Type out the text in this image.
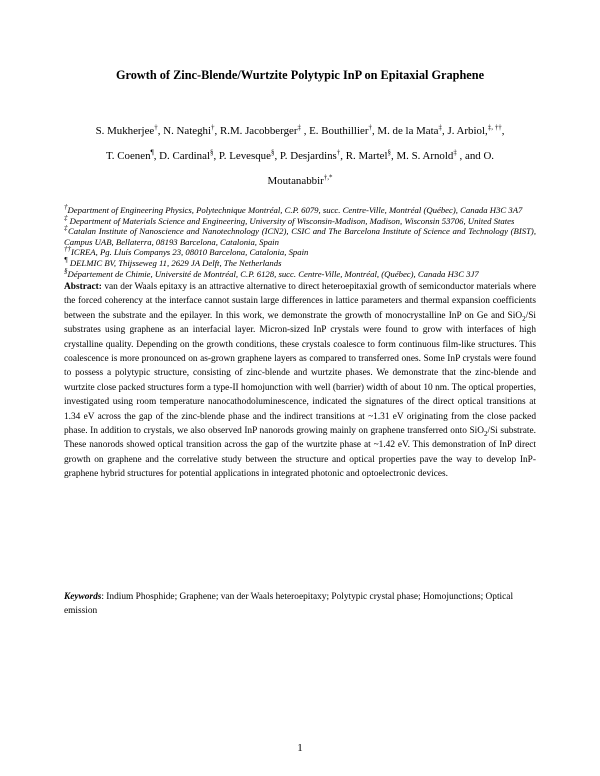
Growth of Zinc-Blende/Wurtzite Polytypic InP on Epitaxial Graphene
S. Mukherjee†, N. Nateghi†, R.M. Jacobberger‡ , E. Bouthillier†, M. de la Mata‡, J. Arbiol,‡, ††,
T. Coenen¶, D. Cardinal§, P. Levesque§, P. Desjardins†, R. Martel§, M. S. Arnold‡ , and O.
Moutanabbir†,*

†Department of Engineering Physics, Polytechnique Montréal, C.P. 6079, succ. Centre-Ville, Montréal (Québec), Canada H3C 3A7

‡ Department of Materials Science and Engineering, University of Wisconsin-Madison, Madison, Wisconsin 53706, United States

‡Catalan Institute of Nanoscience and Nanotechnology (ICN2), CSIC and The Barcelona Institute of Science and Technology (BIST), Campus UAB, Bellaterra, 08193 Barcelona, Catalonia, Spain

††ICREA, Pg. Lluís Companys 23, 08010 Barcelona, Catalonia, Spain

¶ DELMIC BV, Thijsseweg 11, 2629 JA Delft, The Netherlands

§Département de Chimie, Université de Montréal, C.P. 6128, succ. Centre-Ville, Montréal, (Québec), Canada H3C 3J7

Abstract: van der Waals epitaxy is an attractive alternative to direct heteroepitaxial growth of semiconductor materials where the forced coherency at the interface cannot sustain large differences in lattice parameters and thermal expansion coefficients between the substrate and the epilayer. In this work, we demonstrate the growth of monocrystalline InP on Ge and SiO$_2$/Si substrates using graphene as an interfacial layer. Micron-sized InP crystals were found to grow with interfaces of high crystalline quality. Depending on the growth conditions, these crystals coalesce to form continuous film-like structures. This coalescence is more pronounced on as-grown graphene layers as compared to transferred ones. Some InP crystals were found to possess a polytypic structure, consisting of zinc-blende and wurtzite phases. We demonstrate that the zinc-blende and wurtzite close packed structures form a type-II homojunction with well (barrier) width of about 10 nm. The optical properties, investigated using room temperature nanocathodoluminescence, indicated the signatures of the direct optical transitions at 1.34 eV across the gap of the zinc-blende phase and the indirect transitions at ~1.31 eV originating from the close packed phase. In addition to crystals, we also observed InP nanorods growing mainly on graphene transferred onto SiO$_2$/Si substrate. These nanorods showed optical transition across the gap of the wurtzite phase at ~1.42 eV. This demonstration of InP direct growth on graphene and the correlative study between the structure and optical properties pave the way to develop InP-graphene hybrid structures for potential applications in integrated photonic and optoelectronic devices.

Keywords: Indium Phosphide; Graphene; van der Waals heteroepitaxy; Polytypic crystal phase; Homojunctions; Optical emission

1
